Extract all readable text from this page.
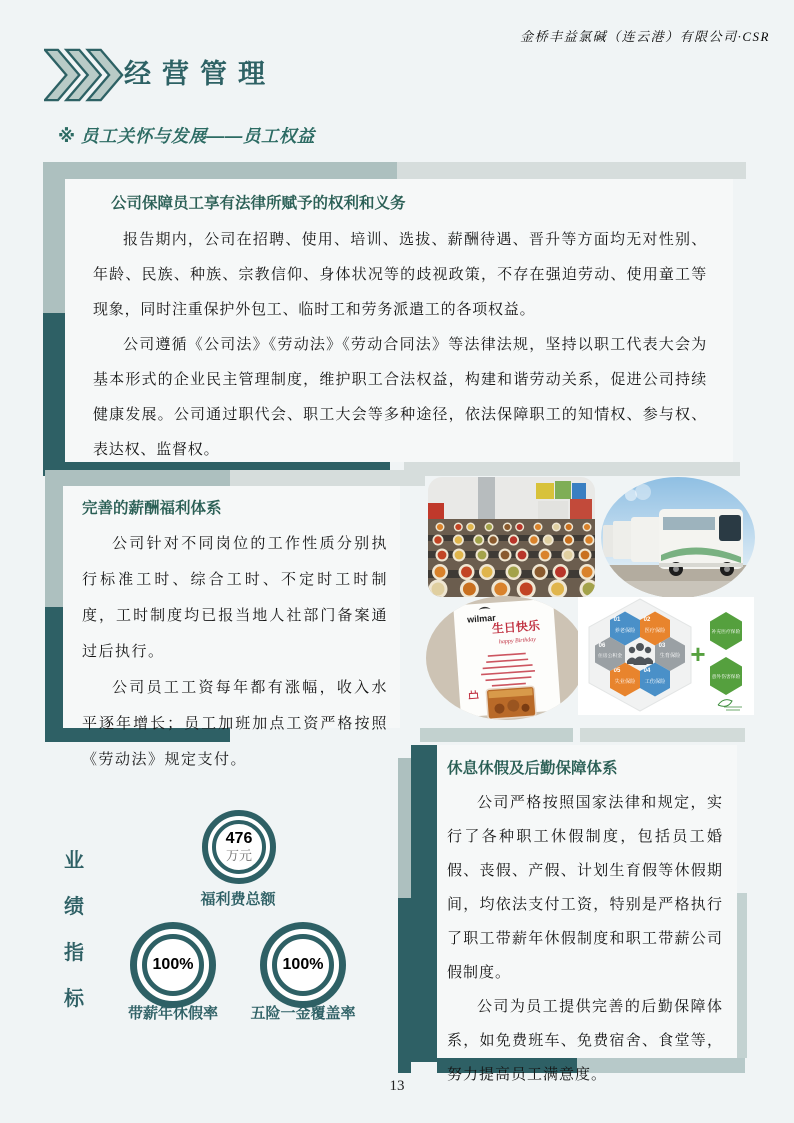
金桥丰益氯碱（连云港）有限公司·CSR
经营管理
※ 员工关怀与发展——员工权益
公司保障员工享有法律所赋予的权利和义务

报告期内，公司在招聘、使用、培训、选拔、薪酬待遇、晋升等方面均无对性别、年龄、民族、种族、宗教信仰、身体状况等的歧视政策，不存在强迫劳动、使用童工等现象，同时注重保护外包工、临时工和劳务派遣工的各项权益。

公司遵循《公司法》《劳动法》《劳动合同法》等法律法规，坚持以职工代表大会为基本形式的企业民主管理制度，维护职工合法权益，构建和谐劳动关系，促进公司持续健康发展。公司通过职代会、职工大会等多种途径，依法保障职工的知情权、参与权、表达权、监督权。

完善的薪酬福利体系

公司针对不同岗位的工作性质分别执行标准工时、综合工时、不定时工时制度，工时制度均已报当地人社部门备案通过后执行。

公司员工工资每年都有涨幅，收入水平逐年增长；员工加班加点工资严格按照《劳动法》规定支付。

wilmar
生日快乐
happy Birthday
01
养老保险
02
医疗保险
03
生育保险
04
工伤保险
05
失业保险
06
住房公积金	+
补充医疗保险
意外伤害保险
休息休假及后勤保障体系

公司严格按照国家法律和规定，实行了各种职工休假制度，包括员工婚假、丧假、产假、计划生育假等休假期间，均依法支付工资，特别是严格执行了职工带薪年休假制度和职工带薪公司假制度。

公司为员工提供完善的后勤保障体系，如免费班车、免费宿舍、食堂等，努力提高员工满意度。

业
绩
指
标
476
万元
福利费总额
100%
带薪年休假率
100%
五险一金覆盖率
13
